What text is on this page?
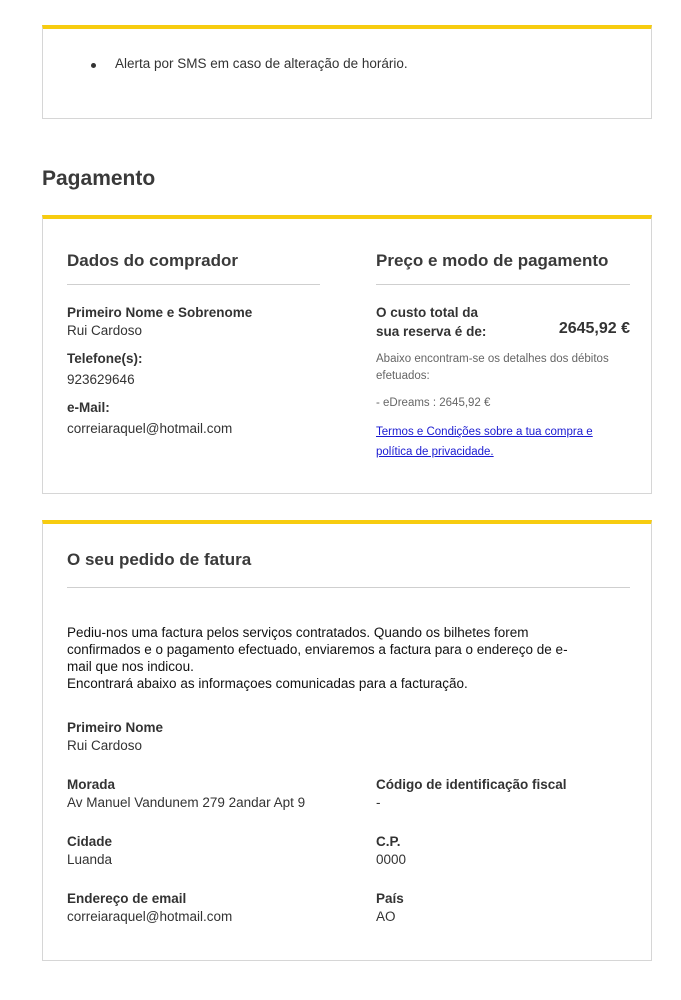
Alerta por SMS em caso de alteração de horário.
Pagamento
Dados do comprador
Primeiro Nome e Sobrenome
Rui Cardoso
Telefone(s):
923629646
e-Mail:
correiaraquel@hotmail.com
Preço e modo de pagamento
O custo total da
sua reserva é de:	2645,92 €
Abaixo encontram-se os detalhes dos débitos efetuados:
- eDreams : 2645,92 €
Termos e Condições sobre a tua compra e
política de privacidade.
O seu pedido de fatura

Pediu-nos uma factura pelos serviços contratados. Quando os bilhetes forem

confirmados e o pagamento efectuado, enviaremos a factura para o endereço de e-

mail que nos indicou.

Encontrará abaixo as informaçoes comunicadas para a facturação.

Primeiro Nome
Rui Cardoso
Morada
Av Manuel Vandunem 279 2andar Apt 9
Código de identificação fiscal
-
Cidade
Luanda
C.P.
0000
Endereço de email
correiaraquel@hotmail.com
País
AO
